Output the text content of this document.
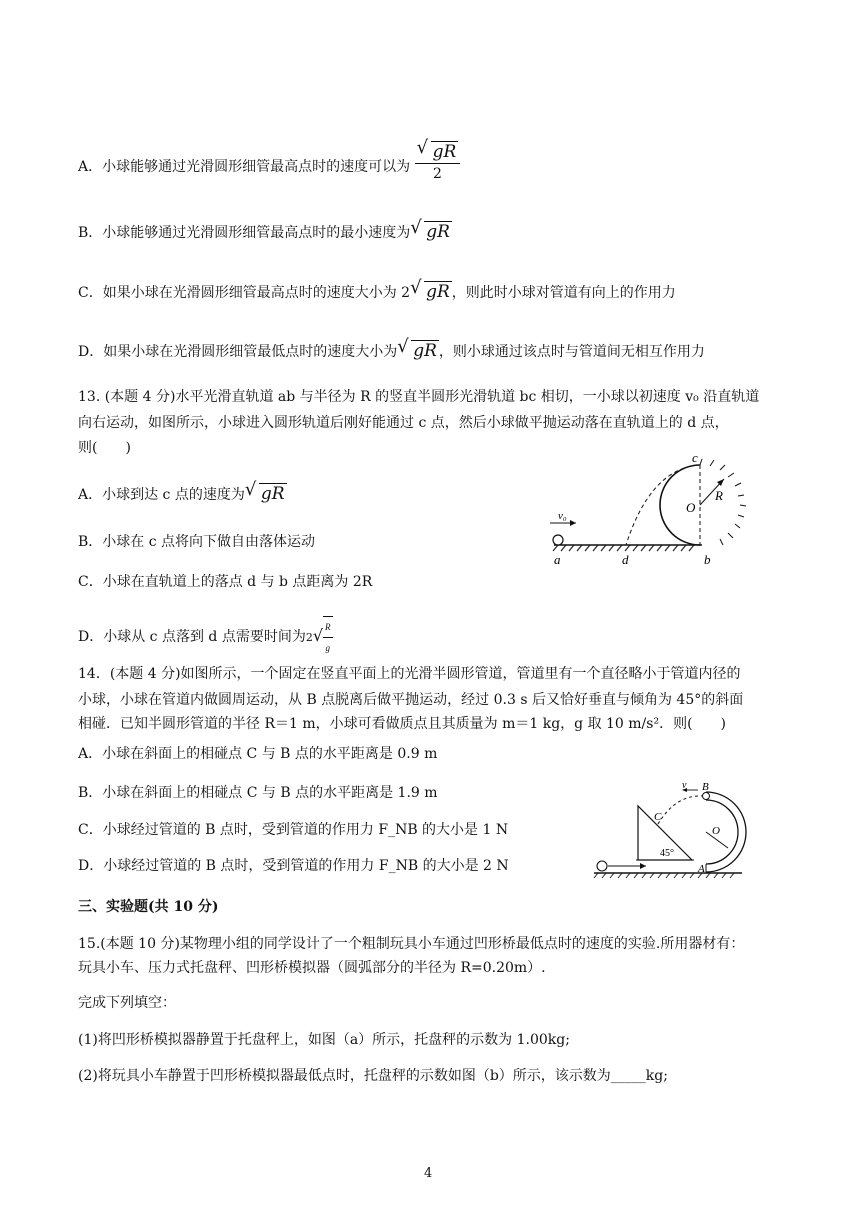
A．小球能够通过光滑圆形细管最高点时的速度可以为 $\frac{√ gR}{2}$
B．小球能够通过光滑圆形细管最高点时的最小速度为 √ gR
C．如果小球在光滑圆形细管最高点时的速度大小为 2 √ gR ，则此时小球对管道有向上的作用力
D．如果小球在光滑圆形细管最低点时的速度大小为 √ gR ，则小球通过该点时与管道间无相互作用力
13. (本题 4 分)水平光滑直轨道 ab 与半径为 R 的竖直半圆形光滑轨道 bc 相切，一小球以初速度 v₀ 沿直轨道
向右运动，如图所示，小球进入圆形轨道后刚好能通过 c 点，然后小球做平抛运动落在直轨道上的 d 点，
则(　　)
A．小球到达 c 点的速度为 √ gR
B．小球在 c 点将向下做自由落体运动
C．小球在直轨道上的落点 d 与 b 点距离为 2R
D．小球从 c 点落到 d 点需要时间为$2√ \frac{R}{g}$
v₀
c
O
R
a	d	b
14．(本题 4 分)如图所示，一个固定在竖直平面上的光滑半圆形管道，管道里有一个直径略小于管道内径的
小球，小球在管道内做圆周运动，从 B 点脱离后做平抛运动，经过 0.3 s 后又恰好垂直与倾角为 45°的斜面
相碰．已知半圆形管道的半径 R＝1 m，小球可看做质点且其质量为 m＝1 kg，g 取 10 m/s²．则(　　)
A．小球在斜面上的相碰点 C 与 B 点的水平距离是 0.9 m
B．小球在斜面上的相碰点 C 与 B 点的水平距离是 1.9 m
C．小球经过管道的 B 点时，受到管道的作用力 F_NB 的大小是 1 N
D．小球经过管道的 B 点时，受到管道的作用力 F_NB 的大小是 2 N
C
v B
O
45°
A
三、实验题(共 10 分)
15.(本题 10 分)某物理小组的同学设计了一个粗制玩具小车通过凹形桥最低点时的速度的实验.所用器材有：
玩具小车、压力式托盘秤、凹形桥模拟器（圆弧部分的半径为 R=0.20m）.
完成下列填空：
(1)将凹形桥模拟器静置于托盘秤上，如图（a）所示，托盘秤的示数为 1.00kg;
(2)将玩具小车静置于凹形桥模拟器最低点时，托盘秤的示数如图（b）所示，该示数为_____kg;
4
